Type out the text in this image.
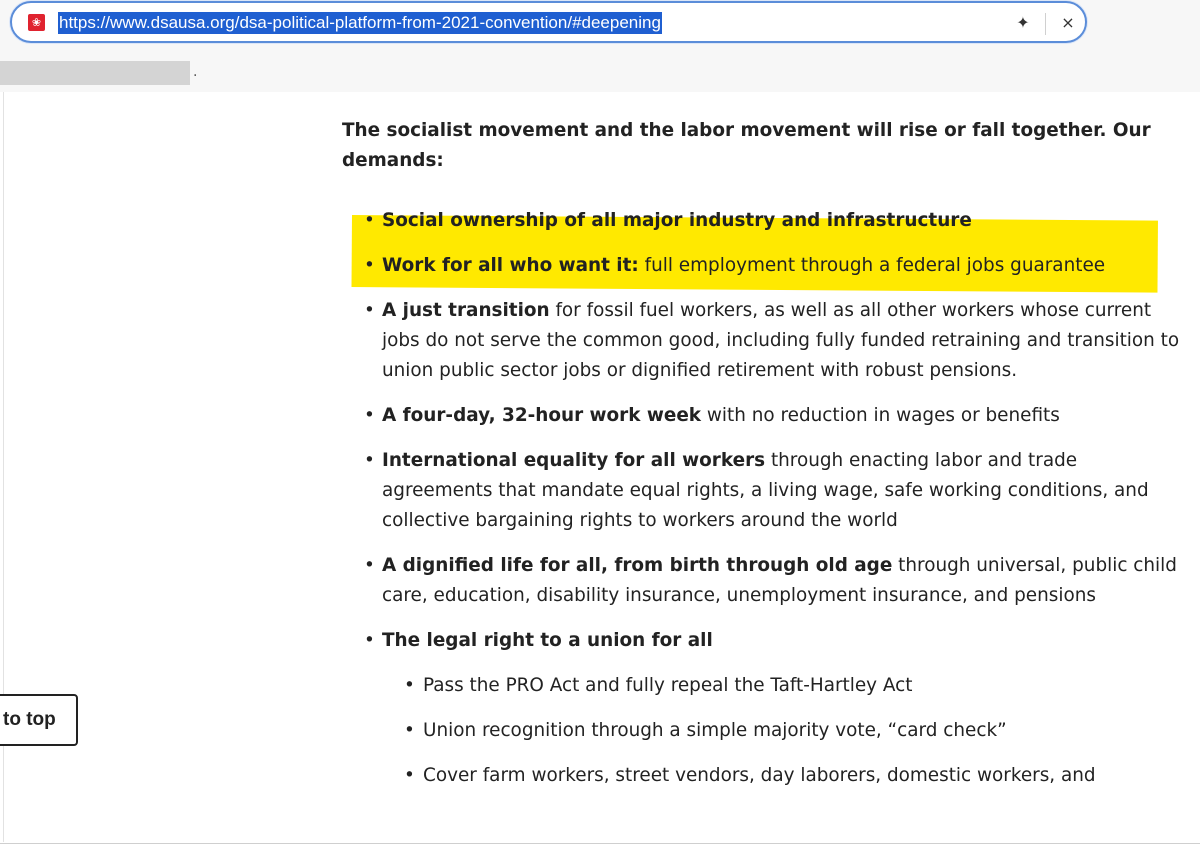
❀ https://www.dsausa.org/dsa-political-platform-from-2021-convention/#deepening	✦	×
.

The socialist movement and the labor movement will rise or fall together. Our demands:

• Social ownership of all major industry and infrastructure
• Work for all who want it: full employment through a federal jobs guarantee
• A just transition for fossil fuel workers, as well as all other workers whose current jobs do not serve the common good, including fully funded retraining and transition to union public sector jobs or dignified retirement with robust pensions.
• A four-day, 32-hour work week with no reduction in wages or benefits
• International equality for all workers through enacting labor and trade agreements that mandate equal rights, a living wage, safe working conditions, and collective bargaining rights to workers around the world
• A dignified life for all, from birth through old age through universal, public child care, education, disability insurance, unemployment insurance, and pensions
• The legal right to a union for all
• Pass the PRO Act and fully repeal the Taft-Hartley Act
• Union recognition through a simple majority vote, “card check”
• Cover farm workers, street vendors, day laborers, domestic workers, and
to top
